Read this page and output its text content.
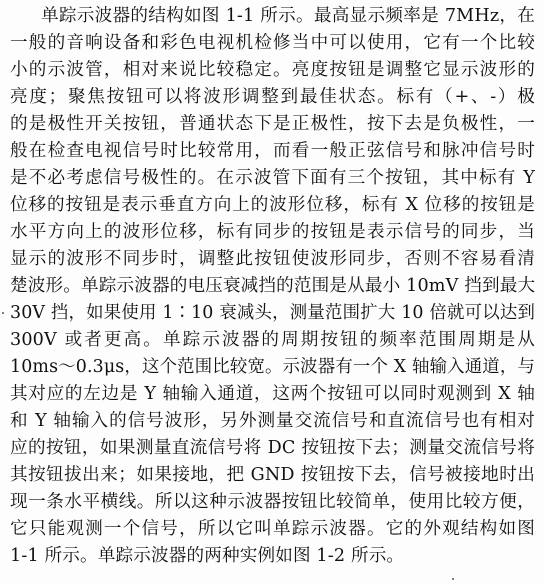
单踪示波器的结构如图 1-1 所示。最高显示频率是 7MHz，在
一般的音响设备和彩色电视机检修当中可以使用，它有一个比较
小的示波管，相对来说比较稳定。亮度按钮是调整它显示波形的
亮度；聚焦按钮可以将波形调整到最佳状态。标有（+、-）极
的是极性开关按钮，普通状态下是正极性，按下去是负极性，一
般在检查电视信号时比较常用，而看一般正弦信号和脉冲信号时
是不必考虑信号极性的。在示波管下面有三个按钮，其中标有 Y
位移的按钮是表示垂直方向上的波形位移，标有 X 位移的按钮是
水平方向上的波形位移，标有同步的按钮是表示信号的同步，当
显示的波形不同步时，调整此按钮使波形同步，否则不容易看清
楚波形。单踪示波器的电压衰减挡的范围是从最小 10mV 挡到最大
30V 挡，如果使用 1∶10 衰减头，测量范围扩大 10 倍就可以达到
300V 或者更高。单踪示波器的周期按钮的频率范围周期是从
10ms～0.3μs，这个范围比较宽。示波器有一个 X 轴输入通道，与
其对应的左边是 Y 轴输入通道，这两个按钮可以同时观测到 X 轴
和 Y 轴输入的信号波形，另外测量交流信号和直流信号也有相对
应的按钮，如果测量直流信号将 DC 按钮按下去；测量交流信号将
其按钮拔出来；如果接地，把 GND 按钮按下去，信号被接地时出
现一条水平横线。所以这种示波器按钮比较简单，使用比较方便，
它只能观测一个信号，所以它叫单踪示波器。它的外观结构如图
1-1 所示。单踪示波器的两种实例如图 1-2 所示。
